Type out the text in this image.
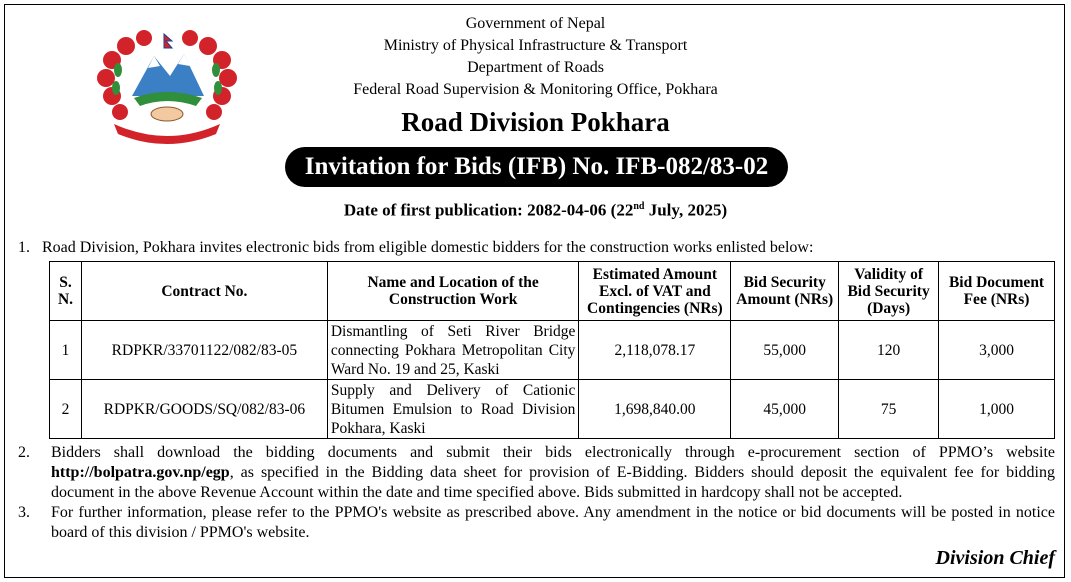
Government of Nepal
Ministry of Physical Infrastructure & Transport
Department of Roads
Federal Road Supervision & Monitoring Office, Pokhara
Road Division Pokhara
Invitation for Bids (IFB) No. IFB-082/83-02
Date of first publication: 2082-04-06 (22nd July, 2025)
1. Road Division, Pokhara invites electronic bids from eligible domestic bidders for the construction works enlisted below:
S. N.	Contract No.	Name and Location of the Construction Work	Estimated Amount Excl. of VAT and Contingencies (NRs)	Bid Security Amount (NRs)	Validity of Bid Security (Days)	Bid Document Fee (NRs)
1	RDPKR/33701122/082/83-05	Dismantling of Seti River Bridge connecting Pokhara Metropolitan City Ward No. 19 and 25, Kaski	2,118,078.17	55,000	120	3,000
2	RDPKR/GOODS/SQ/082/83-06	Supply and Delivery of Cationic Bitumen Emulsion to Road Division Pokhara, Kaski	1,698,840.00	45,000	75	1,000
2. Bidders shall download the bidding documents and submit their bids electronically through e-procurement section of PPMO’s website http://bolpatra.gov.np/egp, as specified in the Bidding data sheet for provision of E-Bidding. Bidders should deposit the equivalent fee for bidding document in the above Revenue Account within the date and time specified above. Bids submitted in hardcopy shall not be accepted.
3. For further information, please refer to the PPMO's website as prescribed above. Any amendment in the notice or bid documents will be posted in notice board of this division / PPMO's website.
Division Chief
